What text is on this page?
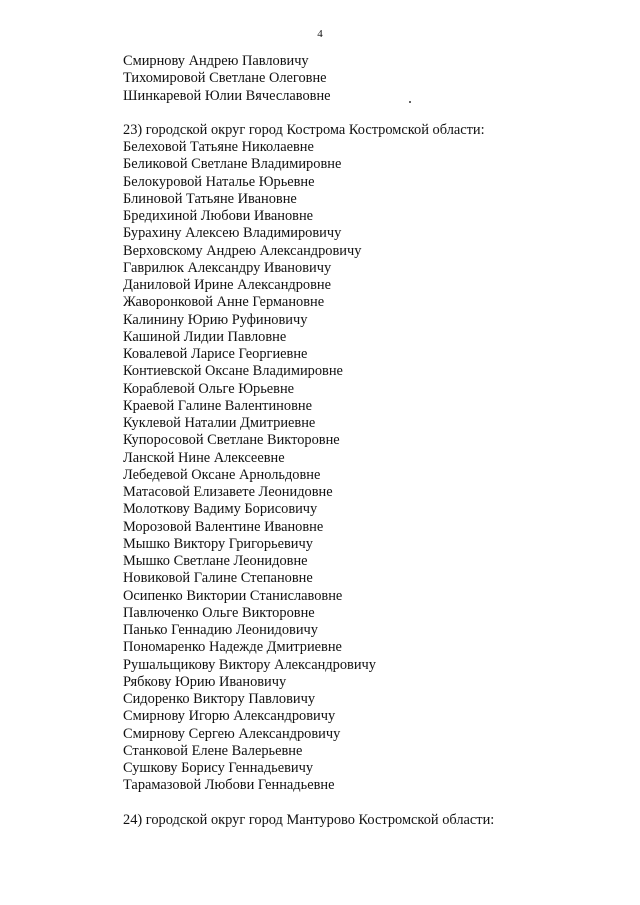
4
Смирнову Андрею Павловичу
Тихомировой Светлане Олеговне
Шинкаревой Юлии Вячеславовне
23) городской округ город Кострома Костромской области:
Белеховой Татьяне Николаевне
Беликовой Светлане Владимировне
Белокуровой Наталье Юрьевне
Блиновой Татьяне Ивановне
Бредихиной Любови Ивановне
Бурахину Алексею Владимировичу
Верховскому Андрею Александровичу
Гаврилюк Александру Ивановичу
Даниловой Ирине Александровне
Жаворонковой Анне Германовне
Калинину Юрию Руфиновичу
Кашиной Лидии Павловне
Ковалевой Ларисе Георгиевне
Контиевской Оксане Владимировне
Кораблевой Ольге Юрьевне
Краевой Галине Валентиновне
Куклевой Наталии Дмитриевне
Купоросовой Светлане Викторовне
Ланской Нине Алексеевне
Лебедевой Оксане Арнольдовне
Матасовой Елизавете Леонидовне
Молоткову Вадиму Борисовичу
Морозовой Валентине Ивановне
Мышко Виктору Григорьевичу
Мышко Светлане Леонидовне
Новиковой Галине Степановне
Осипенко Виктории Станиславовне
Павлюченко Ольге Викторовне
Панько Геннадию Леонидовичу
Пономаренко Надежде Дмитриевне
Рушальщикову Виктору Александровичу
Рябкову Юрию Ивановичу
Сидоренко Виктору Павловичу
Смирнову Игорю Александровичу
Смирнову Сергею Александровичу
Станковой Елене Валерьевне
Сушкову Борису Геннадьевичу
Тарамазовой Любови Геннадьевне
24) городской округ город Мантурово Костромской области:
